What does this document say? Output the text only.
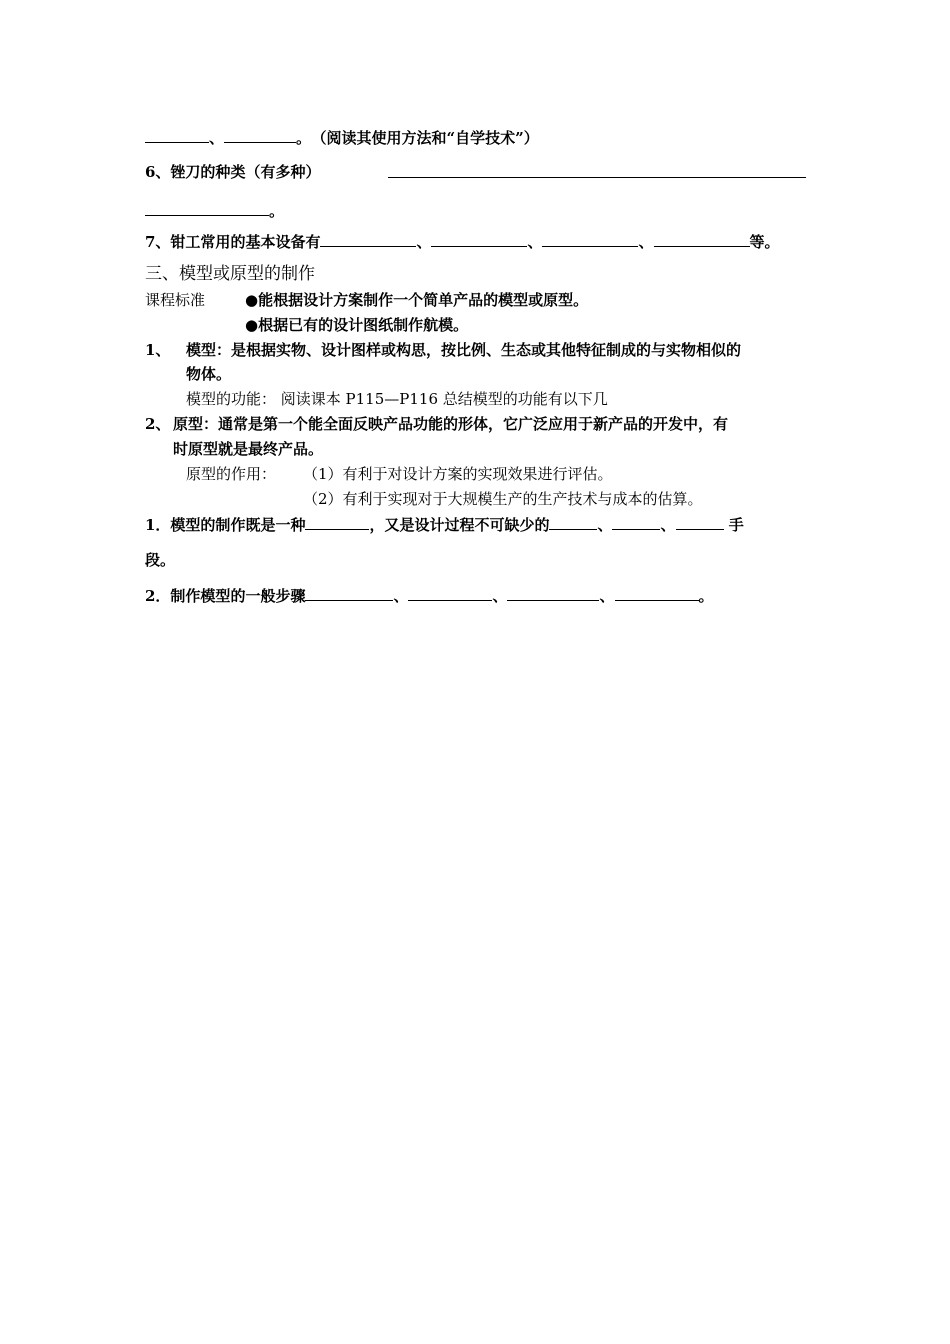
、	。 （阅读其使用方法和“自学技术”）
6、锉刀的种类（有多种）
。
7、钳工常用的基本设备有	、	、	、	等。
三、模型或原型的制作
课程标准	●能根据设计方案制作一个简单产品的模型或原型。
●根据已有的设计图纸制作航模。
1、 模型：是根据实物、设计图样或构思，按比例、生态或其他特征制成的与实物相似的
物体。
模型的功能： 阅读课本 P115—P116 总结模型的功能有以下几
2、 原型：通常是第一个能全面反映产品功能的形体，它广泛应用于新产品的开发中，有
时原型就是最终产品。
原型的作用： （1）有利于对设计方案的实现效果进行评估。
（2）有利于实现对于大规模生产的生产技术与成本的估算。
1．模型的制作既是一种	，又是设计过程不可缺少的	、	、	手
段。
2．制作模型的一般步骤	、	、	、	。
